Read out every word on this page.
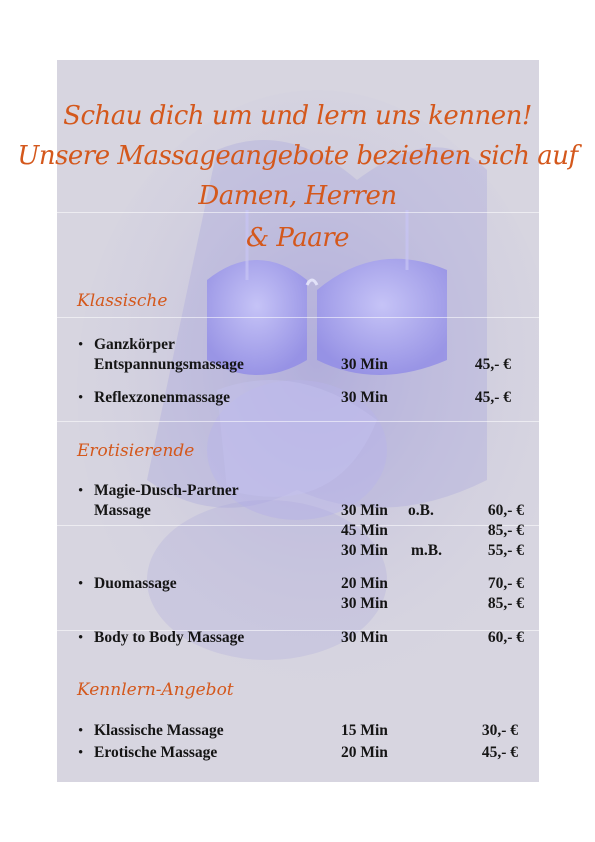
Schau dich um und lern uns kennen!
Unsere Massageangebote beziehen sich auf
Damen, Herren
& Paare
Klassische
• Ganzkörper
Entspannungsmassage	30 Min	45,- €
• Reflexzonenmassage	30 Min	45,- €
Erotisierende
• Magie-Dusch-Partner
Massage	30 Min o.B.	60,- €
45 Min	85,- €
30 Min m.B.	55,- €
• Duomassage	20 Min	70,- €
30 Min	85,- €
• Body to Body Massage	30 Min	60,- €
Kennlern-Angebot
• Klassische Massage	15 Min	30,- €
• Erotische Massage	20 Min	45,- €
